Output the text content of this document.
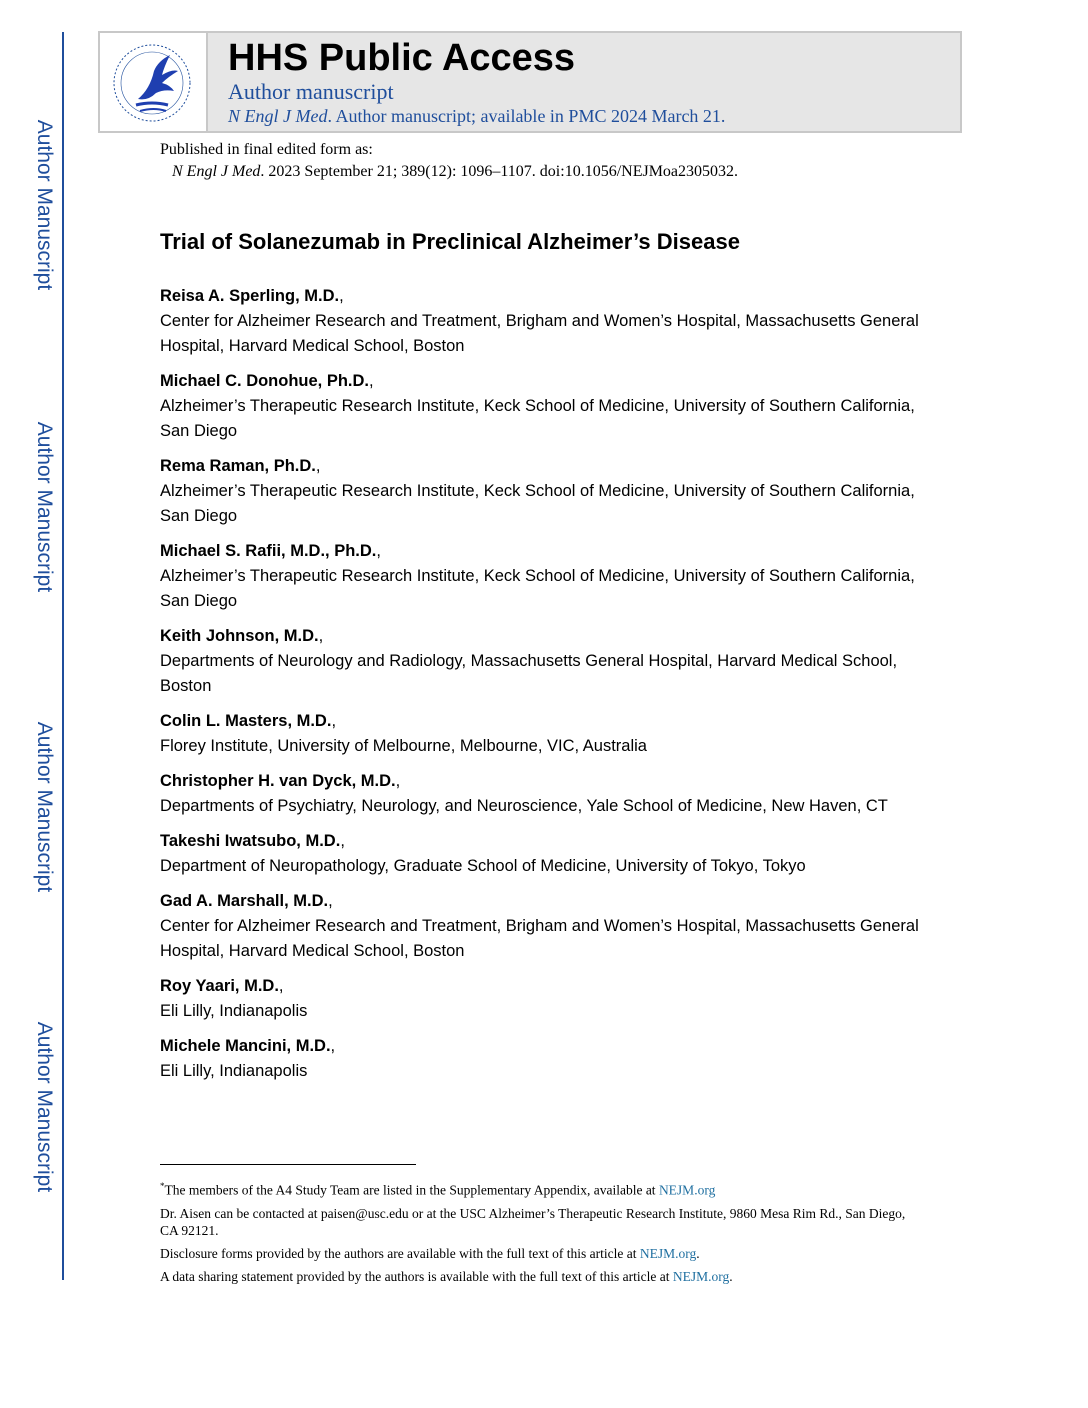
Author Manuscript
Author Manuscript
Author Manuscript
Author Manuscript
HHS Public Access
Author manuscript
N Engl J Med. Author manuscript; available in PMC 2024 March 21.
Published in final edited form as:
N Engl J Med. 2023 September 21; 389(12): 1096–1107. doi:10.1056/NEJMoa2305032.
Trial of Solanezumab in Preclinical Alzheimer’s Disease
Reisa A. Sperling, M.D.,
Center for Alzheimer Research and Treatment, Brigham and Women’s Hospital, Massachusetts General Hospital, Harvard Medical School, Boston
Michael C. Donohue, Ph.D.,
Alzheimer’s Therapeutic Research Institute, Keck School of Medicine, University of Southern California, San Diego
Rema Raman, Ph.D.,
Alzheimer’s Therapeutic Research Institute, Keck School of Medicine, University of Southern California, San Diego
Michael S. Rafii, M.D., Ph.D.,
Alzheimer’s Therapeutic Research Institute, Keck School of Medicine, University of Southern California, San Diego
Keith Johnson, M.D.,
Departments of Neurology and Radiology, Massachusetts General Hospital, Harvard Medical School, Boston
Colin L. Masters, M.D.,
Florey Institute, University of Melbourne, Melbourne, VIC, Australia
Christopher H. van Dyck, M.D.,
Departments of Psychiatry, Neurology, and Neuroscience, Yale School of Medicine, New Haven, CT
Takeshi Iwatsubo, M.D.,
Department of Neuropathology, Graduate School of Medicine, University of Tokyo, Tokyo
Gad A. Marshall, M.D.,
Center for Alzheimer Research and Treatment, Brigham and Women’s Hospital, Massachusetts General Hospital, Harvard Medical School, Boston
Roy Yaari, M.D.,
Eli Lilly, Indianapolis
Michele Mancini, M.D.,
Eli Lilly, Indianapolis

*The members of the A4 Study Team are listed in the Supplementary Appendix, available at NEJM.org

Dr. Aisen can be contacted at paisen@usc.edu or at the USC Alzheimer’s Therapeutic Research Institute, 9860 Mesa Rim Rd., San Diego, CA 92121.

Disclosure forms provided by the authors are available with the full text of this article at NEJM.org.

A data sharing statement provided by the authors is available with the full text of this article at NEJM.org.
